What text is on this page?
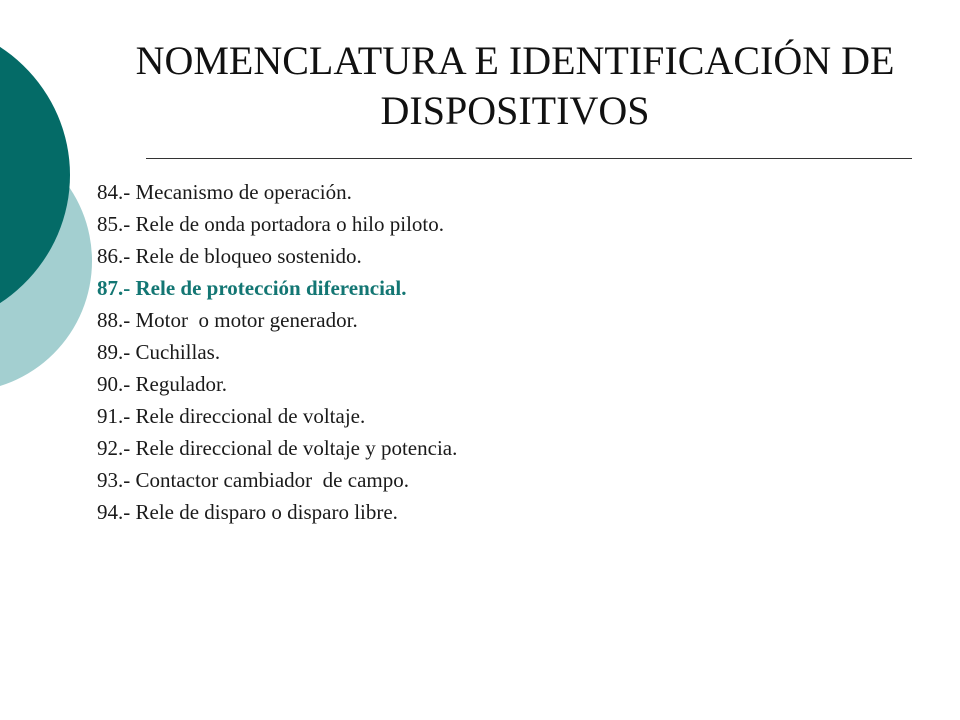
NOMENCLATURA E IDENTIFICACIÓN DE DISPOSITIVOS
84.- Mecanismo de operación.
85.- Rele de onda portadora o hilo piloto.
86.- Rele de bloqueo sostenido.
87.- Rele de protección diferencial.
88.- Motor  o motor generador.
89.- Cuchillas.
90.- Regulador.
91.- Rele direccional de voltaje.
92.- Rele direccional de voltaje y potencia.
93.- Contactor cambiador  de campo.
94.- Rele de disparo o disparo libre.
